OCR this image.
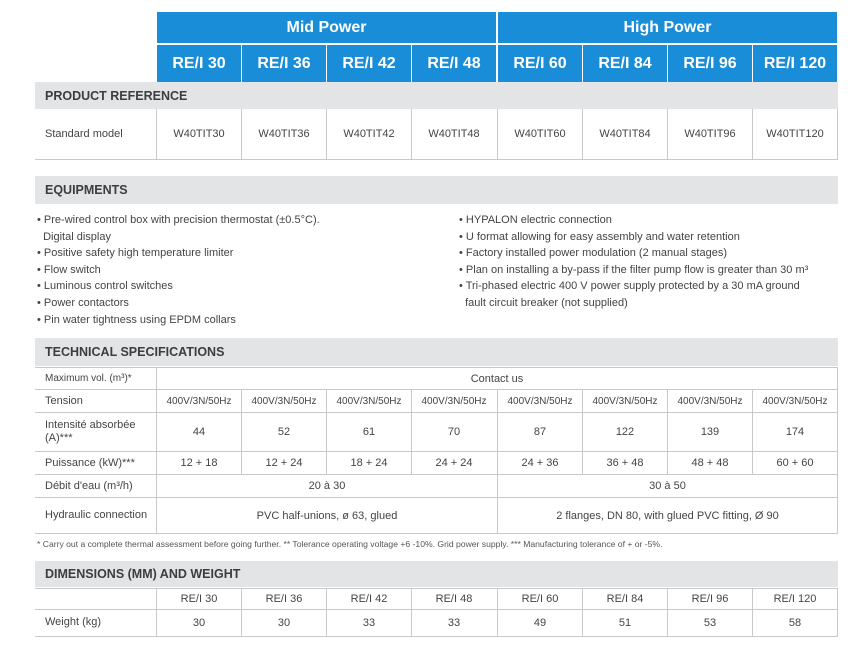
Mid Power	High Power
RE/I 30	RE/I 36	RE/I 42	RE/I 48	RE/I 60	RE/I 84	RE/I 96	RE/I 120
PRODUCT REFERENCE
Standard model	W40TIT30	W40TIT36	W40TIT42	W40TIT48	W40TIT60	W40TIT84	W40TIT96	W40TIT120
EQUIPMENTS
• Pre-wired control box with precision thermostat (±0.5°C).
Digital display
• Positive safety high temperature limiter
• Flow switch
• Luminous control switches
• Power contactors
• Pin water tightness using EPDM collars
• HYPALON electric connection
• U format allowing for easy assembly and water retention
• Factory installed power modulation (2 manual stages)
• Plan on installing a by-pass if the filter pump flow is greater than 30 m³
• Tri-phased electric 400 V power supply protected by a 30 mA ground
fault circuit breaker (not supplied)
TECHNICAL SPECIFICATIONS
Maximum vol. (m³)*	Contact us
Tension	400V/3N/50Hz	400V/3N/50Hz	400V/3N/50Hz	400V/3N/50Hz	400V/3N/50Hz	400V/3N/50Hz	400V/3N/50Hz	400V/3N/50Hz
Intensité absorbée
(A)***	44	52	61	70	87	122	139	174
Puissance (kW)***	12 + 18	12 + 24	18 + 24	24 + 24	24 + 36	36 + 48	48 + 48	60 + 60
Débit d'eau (m³/h)	20 à 30	30 à 50
Hydraulic connection	PVC half-unions, ø 63, glued	2 flanges, DN 80, with glued PVC fitting, Ø 90
* Carry out a complete thermal assessment before going further. ** Tolerance operating voltage +6 -10%. Grid power supply. *** Manufacturing tolerance of + or -5%.
DIMENSIONS (MM) AND WEIGHT
RE/I 30	RE/I 36	RE/I 42	RE/I 48	RE/I 60	RE/I 84	RE/I 96	RE/I 120
Weight (kg)	30	30	33	33	49	51	53	58
